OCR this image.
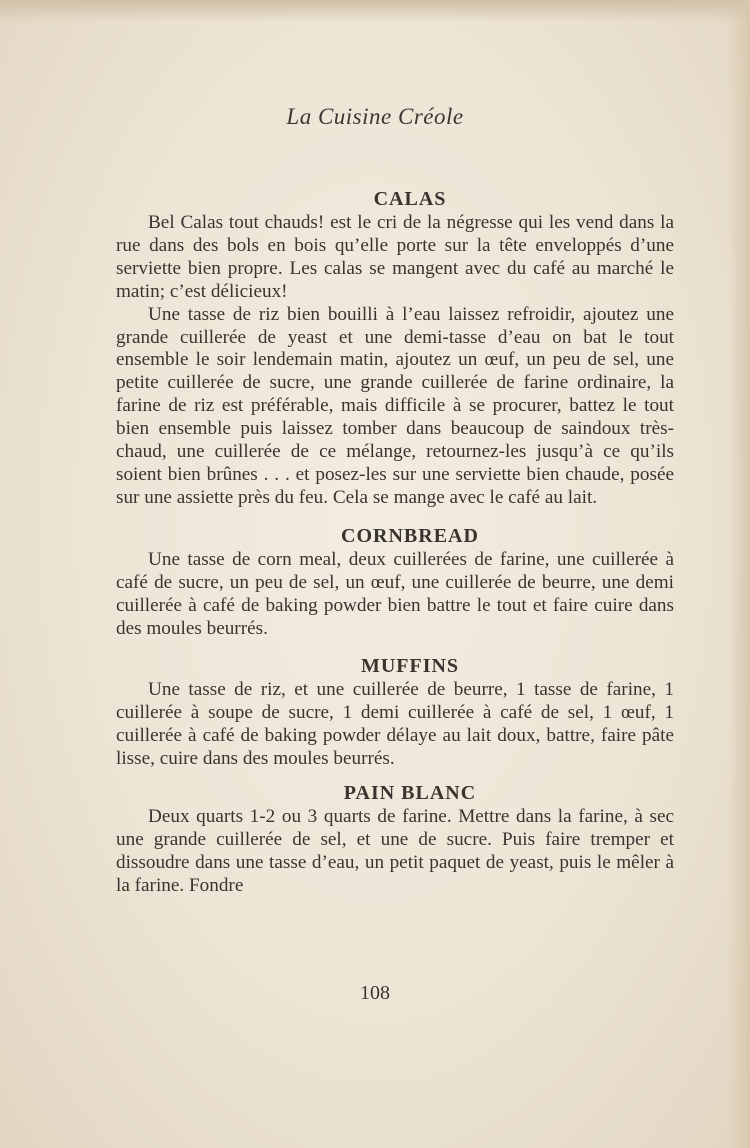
La Cuisine Créole
CALAS

Bel Calas tout chauds! est le cri de la négresse qui les vend dans la rue dans des bols en bois qu’elle porte sur la tête enveloppés d’une serviette bien propre. Les calas se mangent avec du café au marché le matin; c’est délicieux!

Une tasse de riz bien bouilli à l’eau laissez refroidir, ajoutez une grande cuillerée de yeast et une demi-tasse d’eau on bat le tout ensemble le soir lendemain matin, ajoutez un œuf, un peu de sel, une petite cuillerée de sucre, une grande cuillerée de farine ordinaire, la farine de riz est préférable, mais difficile à se procurer, battez le tout bien ensemble puis laissez tomber dans beaucoup de saindoux très-chaud, une cuillerée de ce mélange, retournez-les jusqu’à ce qu’ils soient bien brûnes . . . et posez-les sur une serviette bien chaude, posée sur une assiette près du feu. Cela se mange avec le café au lait.

CORNBREAD

Une tasse de corn meal, deux cuillerées de farine, une cuillerée à café de sucre, un peu de sel, un œuf, une cuillerée de beurre, une demi cuillerée à café de baking powder bien battre le tout et faire cuire dans des moules beurrés.

MUFFINS

Une tasse de riz, et une cuillerée de beurre, 1 tasse de farine, 1 cuillerée à soupe de sucre, 1 demi cuillerée à café de sel, 1 œuf, 1 cuillerée à café de baking powder délaye au lait doux, battre, faire pâte lisse, cuire dans des moules beurrés.

PAIN BLANC

Deux quarts 1-2 ou 3 quarts de farine. Mettre dans la farine, à sec une grande cuillerée de sel, et une de sucre. Puis faire tremper et dissoudre dans une tasse d’eau, un petit paquet de yeast, puis le mêler à la farine. Fondre

108
